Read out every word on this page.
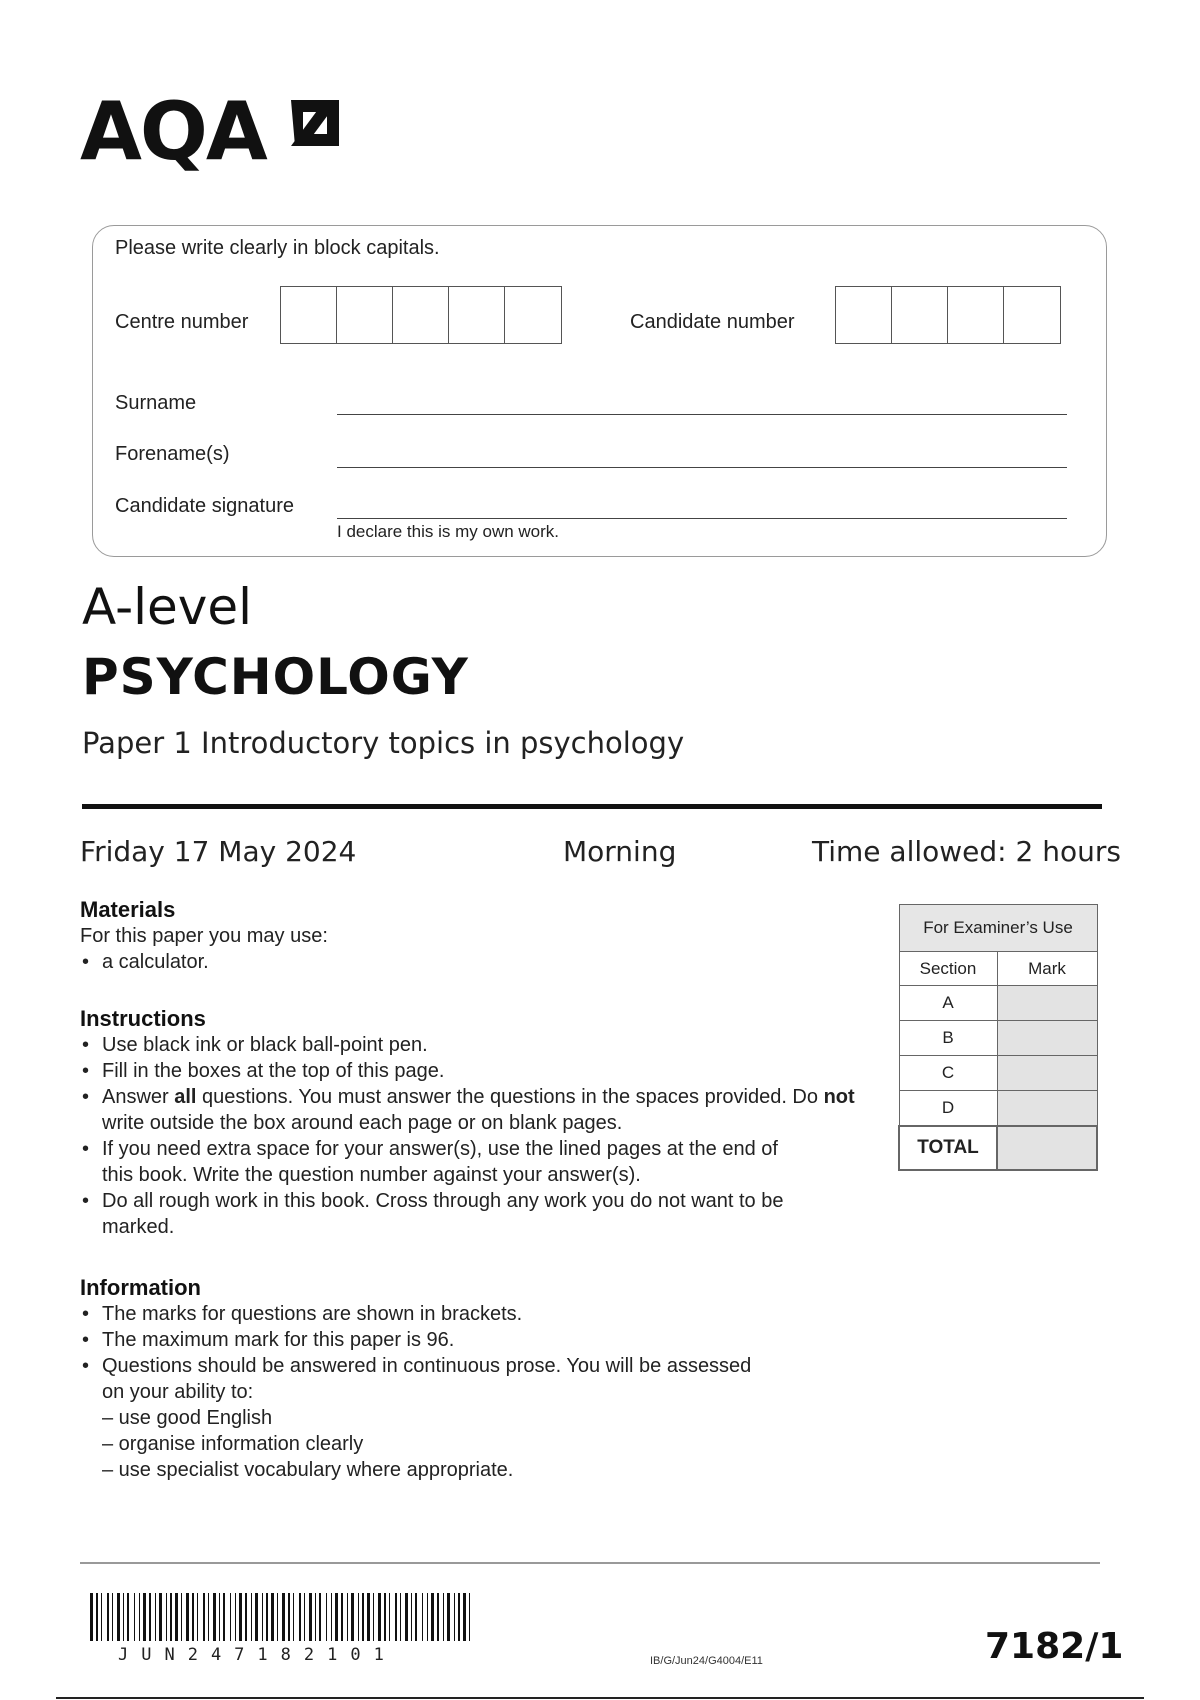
AQA
Please write clearly in block capitals.
Centre number	Candidate number
Surname
Forename(s)
Candidate signature
I declare this is my own work.
A-level
PSYCHOLOGY
Paper 1 Introductory topics in psychology
Friday 17 May 2024	Morning	Time allowed: 2 hours
Materials
For this paper you may use:
• a calculator.
Instructions
• Use black ink or black ball-point pen.
• Fill in the boxes at the top of this page.
• Answer all questions. You must answer the questions in the spaces provided. Do not write outside the box around each page or on blank pages.
• If you need extra space for your answer(s), use the lined pages at the end of this book. Write the question number against your answer(s).
• Do all rough work in this book. Cross through any work you do not want to be marked.
Information
• The marks for questions are shown in brackets.
• The maximum mark for this paper is 96.
• Questions should be answered in continuous prose. You will be assessed on your ability to:
– use good English
– organise information clearly
– use specialist vocabulary where appropriate.
For Examiner’s Use	
Section	Mark
A	
B	
C	
D	
TOTAL	
JUN247182101	IB/G/Jun24/G4004/E11	7182/1
